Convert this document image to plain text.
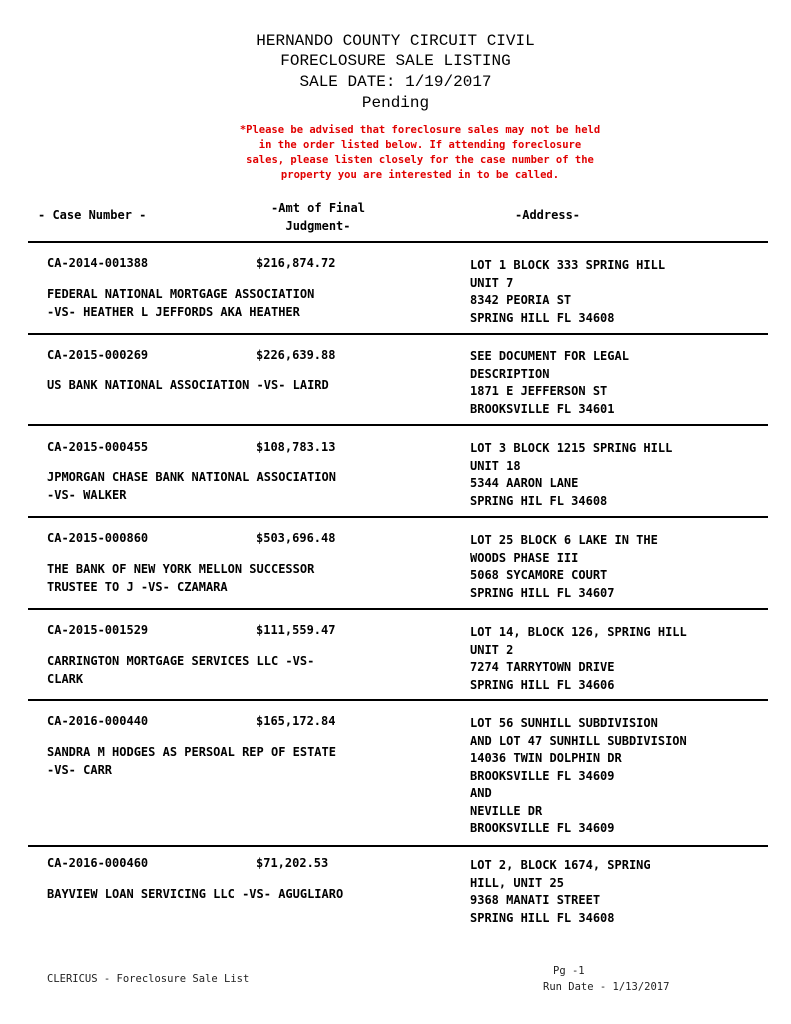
HERNANDO COUNTY CIRCUIT CIVIL
FORECLOSURE SALE LISTING
SALE DATE: 1/19/2017
Pending
*Please be advised that foreclosure sales may not be held
in the order listed below. If attending foreclosure
sales, please listen closely for the case number of the
property you are interested in to be called.
- Case Number -	-Amt of Final
Judgment-
-Address-
CA-2014-001388	$216,874.72
FEDERAL NATIONAL MORTGAGE ASSOCIATION
-VS- HEATHER L JEFFORDS AKA HEATHER
LOT 1 BLOCK 333 SPRING HILL
UNIT 7
8342 PEORIA ST
SPRING HILL FL 34608
CA-2015-000269	$226,639.88
US BANK NATIONAL ASSOCIATION -VS- LAIRD
SEE DOCUMENT FOR LEGAL
DESCRIPTION
1871 E JEFFERSON ST
BROOKSVILLE FL 34601
CA-2015-000455	$108,783.13
JPMORGAN CHASE BANK NATIONAL ASSOCIATION
-VS- WALKER
LOT 3 BLOCK 1215 SPRING HILL
UNIT 18
5344 AARON LANE
SPRING HIL FL 34608
CA-2015-000860	$503,696.48
THE BANK OF NEW YORK MELLON SUCCESSOR
TRUSTEE TO J -VS- CZAMARA
LOT 25 BLOCK 6 LAKE IN THE
WOODS PHASE III
5068 SYCAMORE COURT
SPRING HILL FL 34607
CA-2015-001529	$111,559.47
CARRINGTON MORTGAGE SERVICES LLC -VS-
CLARK
LOT 14, BLOCK 126, SPRING HILL
UNIT 2
7274 TARRYTOWN DRIVE
SPRING HILL FL 34606
CA-2016-000440	$165,172.84
SANDRA M HODGES AS PERSOAL REP OF ESTATE
-VS- CARR
LOT 56 SUNHILL SUBDIVISION
AND LOT 47 SUNHILL SUBDIVISION
14036 TWIN DOLPHIN DR
BROOKSVILLE FL 34609
AND
NEVILLE DR
BROOKSVILLE FL 34609
CA-2016-000460	$71,202.53
BAYVIEW LOAN SERVICING LLC -VS- AGUGLIARO
LOT 2, BLOCK 1674, SPRING
HILL, UNIT 25
9368 MANATI STREET
SPRING HILL FL 34608
CLERICUS - Foreclosure Sale List
Pg -1
Run Date - 1/13/2017
